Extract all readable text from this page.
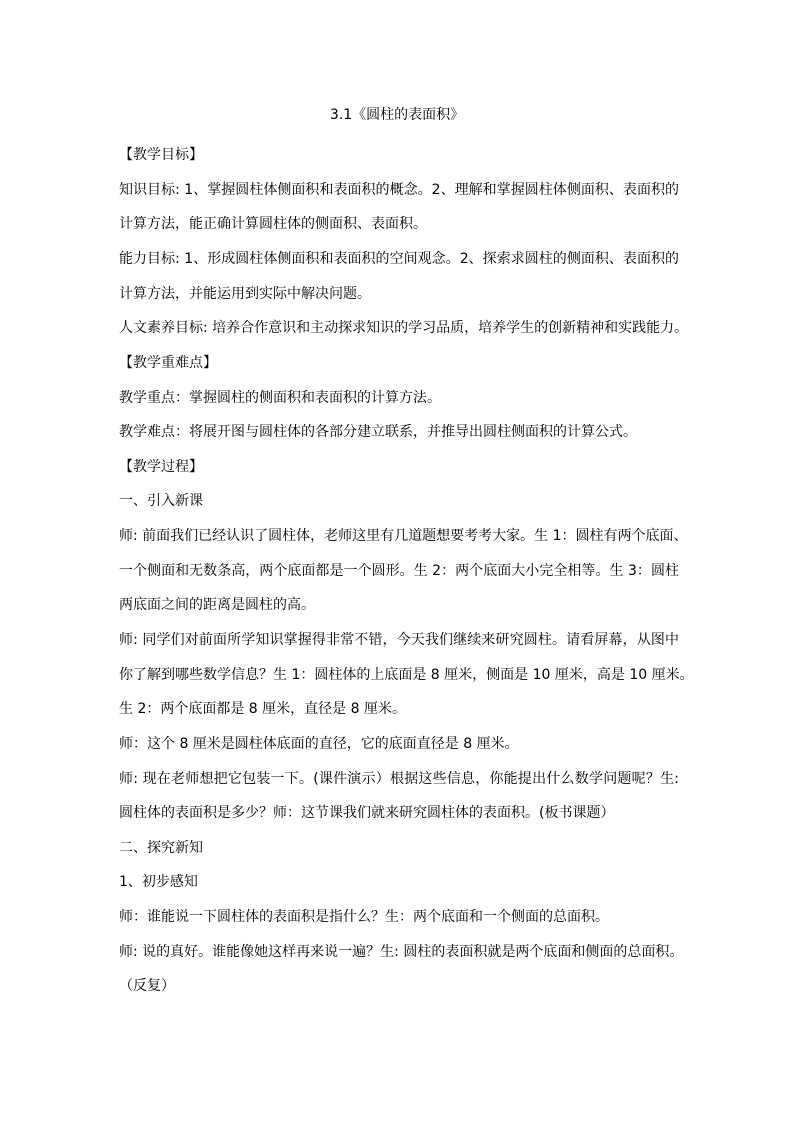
3.1《圆柱的表面积》
【教学目标】
知识目标: 1、掌握圆柱体侧面积和表面积的概念。2、理解和掌握圆柱体侧面积、表面积的
计算方法，能正确计算圆柱体的侧面积、表面积。
能力目标: 1、形成圆柱体侧面积和表面积的空间观念。2、探索求圆柱的侧面积、表面积的
计算方法，并能运用到实际中解决问题。
人文素养目标: 培养合作意识和主动探求知识的学习品质，培养学生的创新精神和实践能力。
【教学重难点】
教学重点：掌握圆柱的侧面积和表面积的计算方法。
教学难点：将展开图与圆柱体的各部分建立联系，并推导出圆柱侧面积的计算公式。
【教学过程】
一、引入新课
师: 前面我们已经认识了圆柱体，老师这里有几道题想要考考大家。生 1：圆柱有两个底面、
一个侧面和无数条高，两个底面都是一个圆形。生 2：两个底面大小完全相等。生 3：圆柱
两底面之间的距离是圆柱的高。
师: 同学们对前面所学知识掌握得非常不错，今天我们继续来研究圆柱。请看屏幕，从图中
你了解到哪些数学信息？生 1：圆柱体的上底面是 8 厘米，侧面是 10 厘米，高是 10 厘米。
生 2：两个底面都是 8 厘米，直径是 8 厘米。
师：这个 8 厘米是圆柱体底面的直径，它的底面直径是 8 厘米。
师: 现在老师想把它包装一下。(课件演示）根据这些信息，你能提出什么数学问题呢？生:
圆柱体的表面积是多少？师：这节课我们就来研究圆柱体的表面积。(板书课题）
二、探究新知
1、初步感知
师：谁能说一下圆柱体的表面积是指什么？生：两个底面和一个侧面的总面积。
师: 说的真好。谁能像她这样再来说一遍？生: 圆柱的表面积就是两个底面和侧面的总面积。
（反复）
